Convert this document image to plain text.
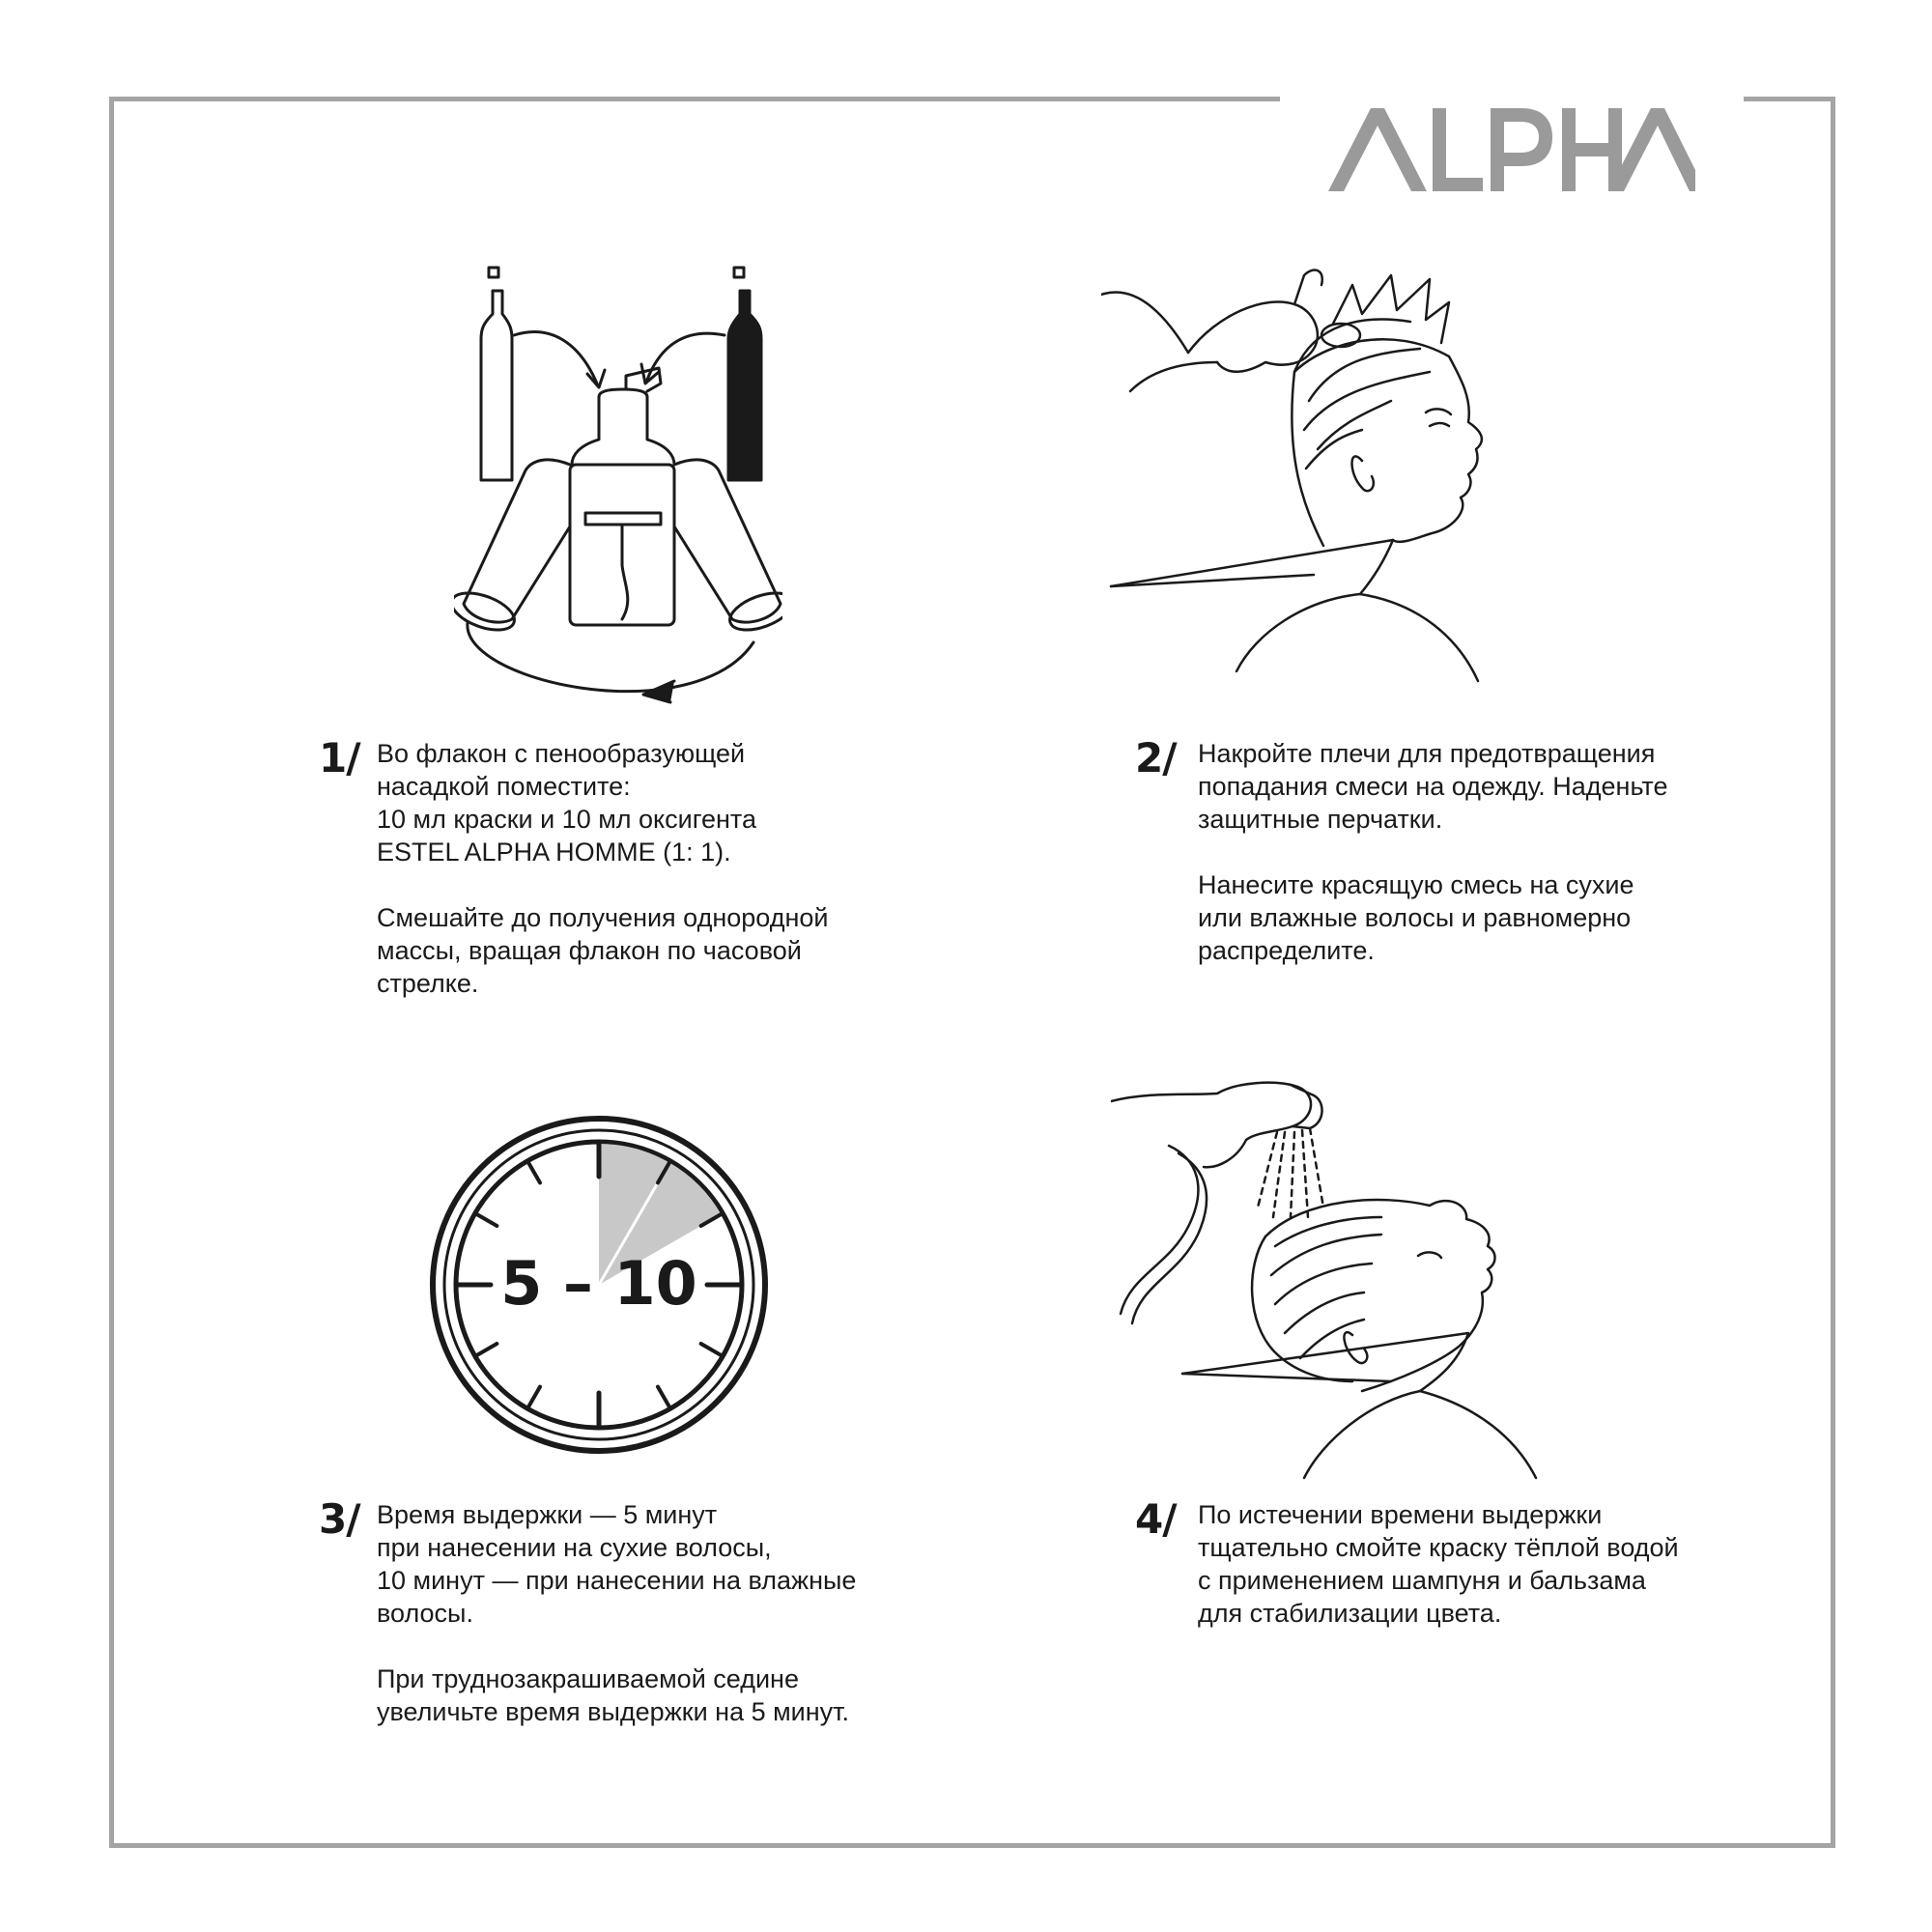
1/ Во флакон с пенообразующей
насадкой поместите:
10 мл краски и 10 мл оксигента
ESTEL ALPHA HOMME (1: 1).

Смешайте до получения однородной
массы, вращая флакон по часовой
стрелке.

2/ Накройте плечи для предотвращения
попадания смеси на одежду. Наденьте
защитные перчатки.

Нанесите красящую смесь на сухие
или влажные волосы и равномерно
распределите.

5 – 10
3/ Время выдержки — 5 минут
при нанесении на сухие волосы,
10 минут — при нанесении на влажные
волосы.

При труднозакрашиваемой седине
увеличьте время выдержки на 5 минут.

4/ По истечении времени выдержки
тщательно смойте краску тёплой водой
с применением шампуня и бальзама
для стабилизации цвета.
